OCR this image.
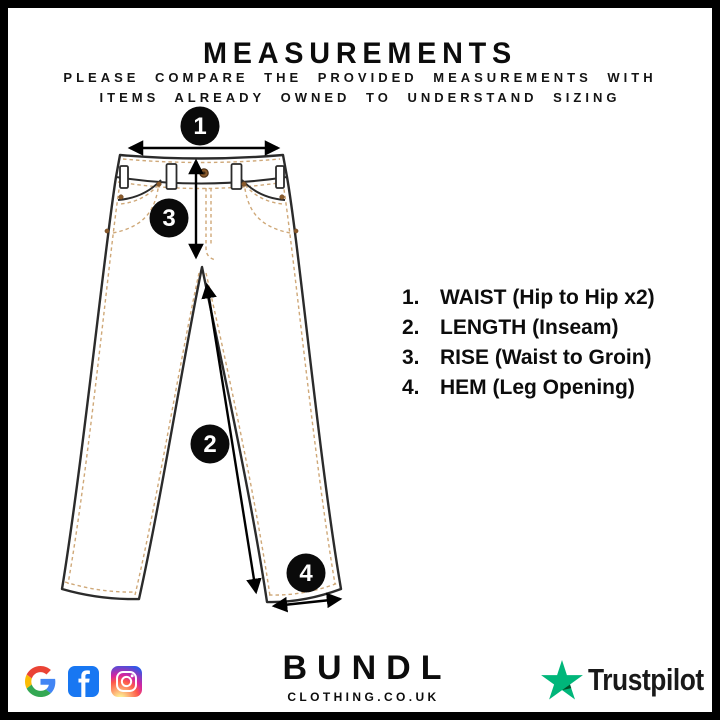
MEASUREMENTS

PLEASE COMPARE THE PROVIDED MEASUREMENTS WITH

ITEMS ALREADY OWNED TO UNDERSTAND SIZING

1
3
2
4
1. WAIST (Hip to Hip x2)
2. LENGTH (Inseam)
3. RISE (Waist to Groin)
4. HEM (Leg Opening)
BUNDL
CLOTHING.CO.UK	Trustpilot
